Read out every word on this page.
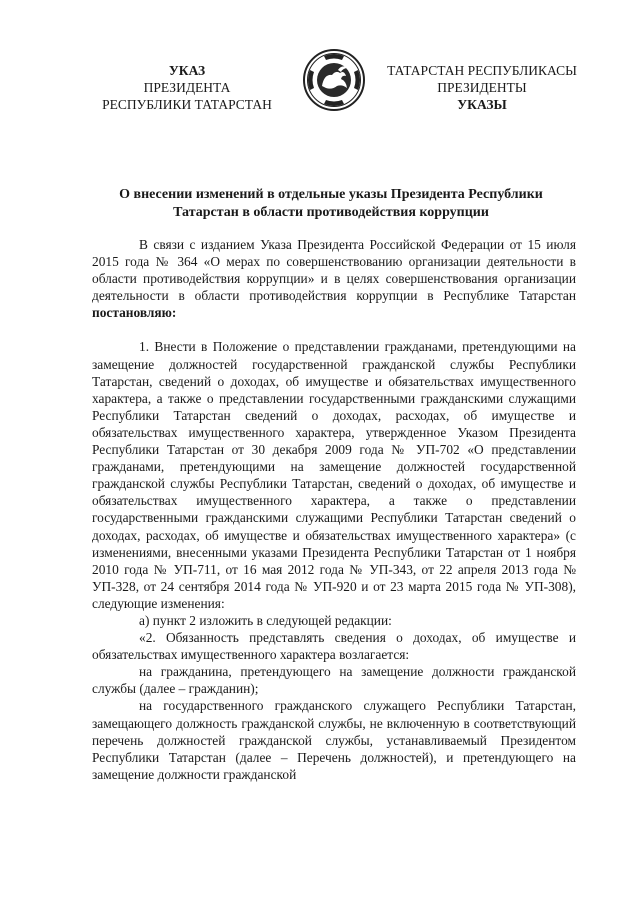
УКАЗ
ПРЕЗИДЕНТА
РЕСПУБЛИКИ ТАТАРСТАН
ТАТАРСТАН РЕСПУБЛИКАСЫ
ПРЕЗИДЕНТЫ
УКАЗЫ
О внесении изменений в отдельные указы Президента Республики
Татарстан в области противодействия коррупции
В связи с изданием Указа Президента Российской Федерации от 15 июля 2015 года № 364 «О мерах по совершенствованию организации деятельности в области противодействия коррупции» и в целях совершенствования организации деятельности в области противодействия коррупции в Республике Татарстан постановляю:
1. Внести в Положение о представлении гражданами, претендующими на замещение должностей государственной гражданской службы Республики Татарстан, сведений о доходах, об имуществе и обязательствах имущественного характера, а также о представлении государственными гражданскими служащими Республики Татарстан сведений о доходах, расходах, об имуществе и обязательствах имущественного характера, утвержденное Указом Президента Республики Татарстан от 30 декабря 2009 года № УП-702 «О представлении гражданами, претендующими на замещение должностей государственной гражданской службы Республики Татарстан, сведений о доходах, об имуществе и обязательствах имущественного характера, а также о представлении государственными гражданскими служащими Республики Татарстан сведений о доходах, расходах, об имуществе и обязательствах имущественного характера» (с изменениями, внесенными указами Президента Республики Татарстан от 1 ноября 2010 года № УП-711, от 16 мая 2012 года № УП-343, от 22 апреля 2013 года № УП-328, от 24 сентября 2014 года № УП-920 и от 23 марта 2015 года № УП-308), следующие изменения:
а) пункт 2 изложить в следующей редакции:
«2. Обязанность представлять сведения о доходах, об имуществе и обязательствах имущественного характера возлагается:
на гражданина, претендующего на замещение должности гражданской службы (далее – гражданин);
на государственного гражданского служащего Республики Татарстан, замещающего должность гражданской службы, не включенную в соответствующий перечень должностей гражданской службы, устанавливаемый Президентом Республики Татарстан (далее – Перечень должностей), и претендующего на замещение должности гражданской
